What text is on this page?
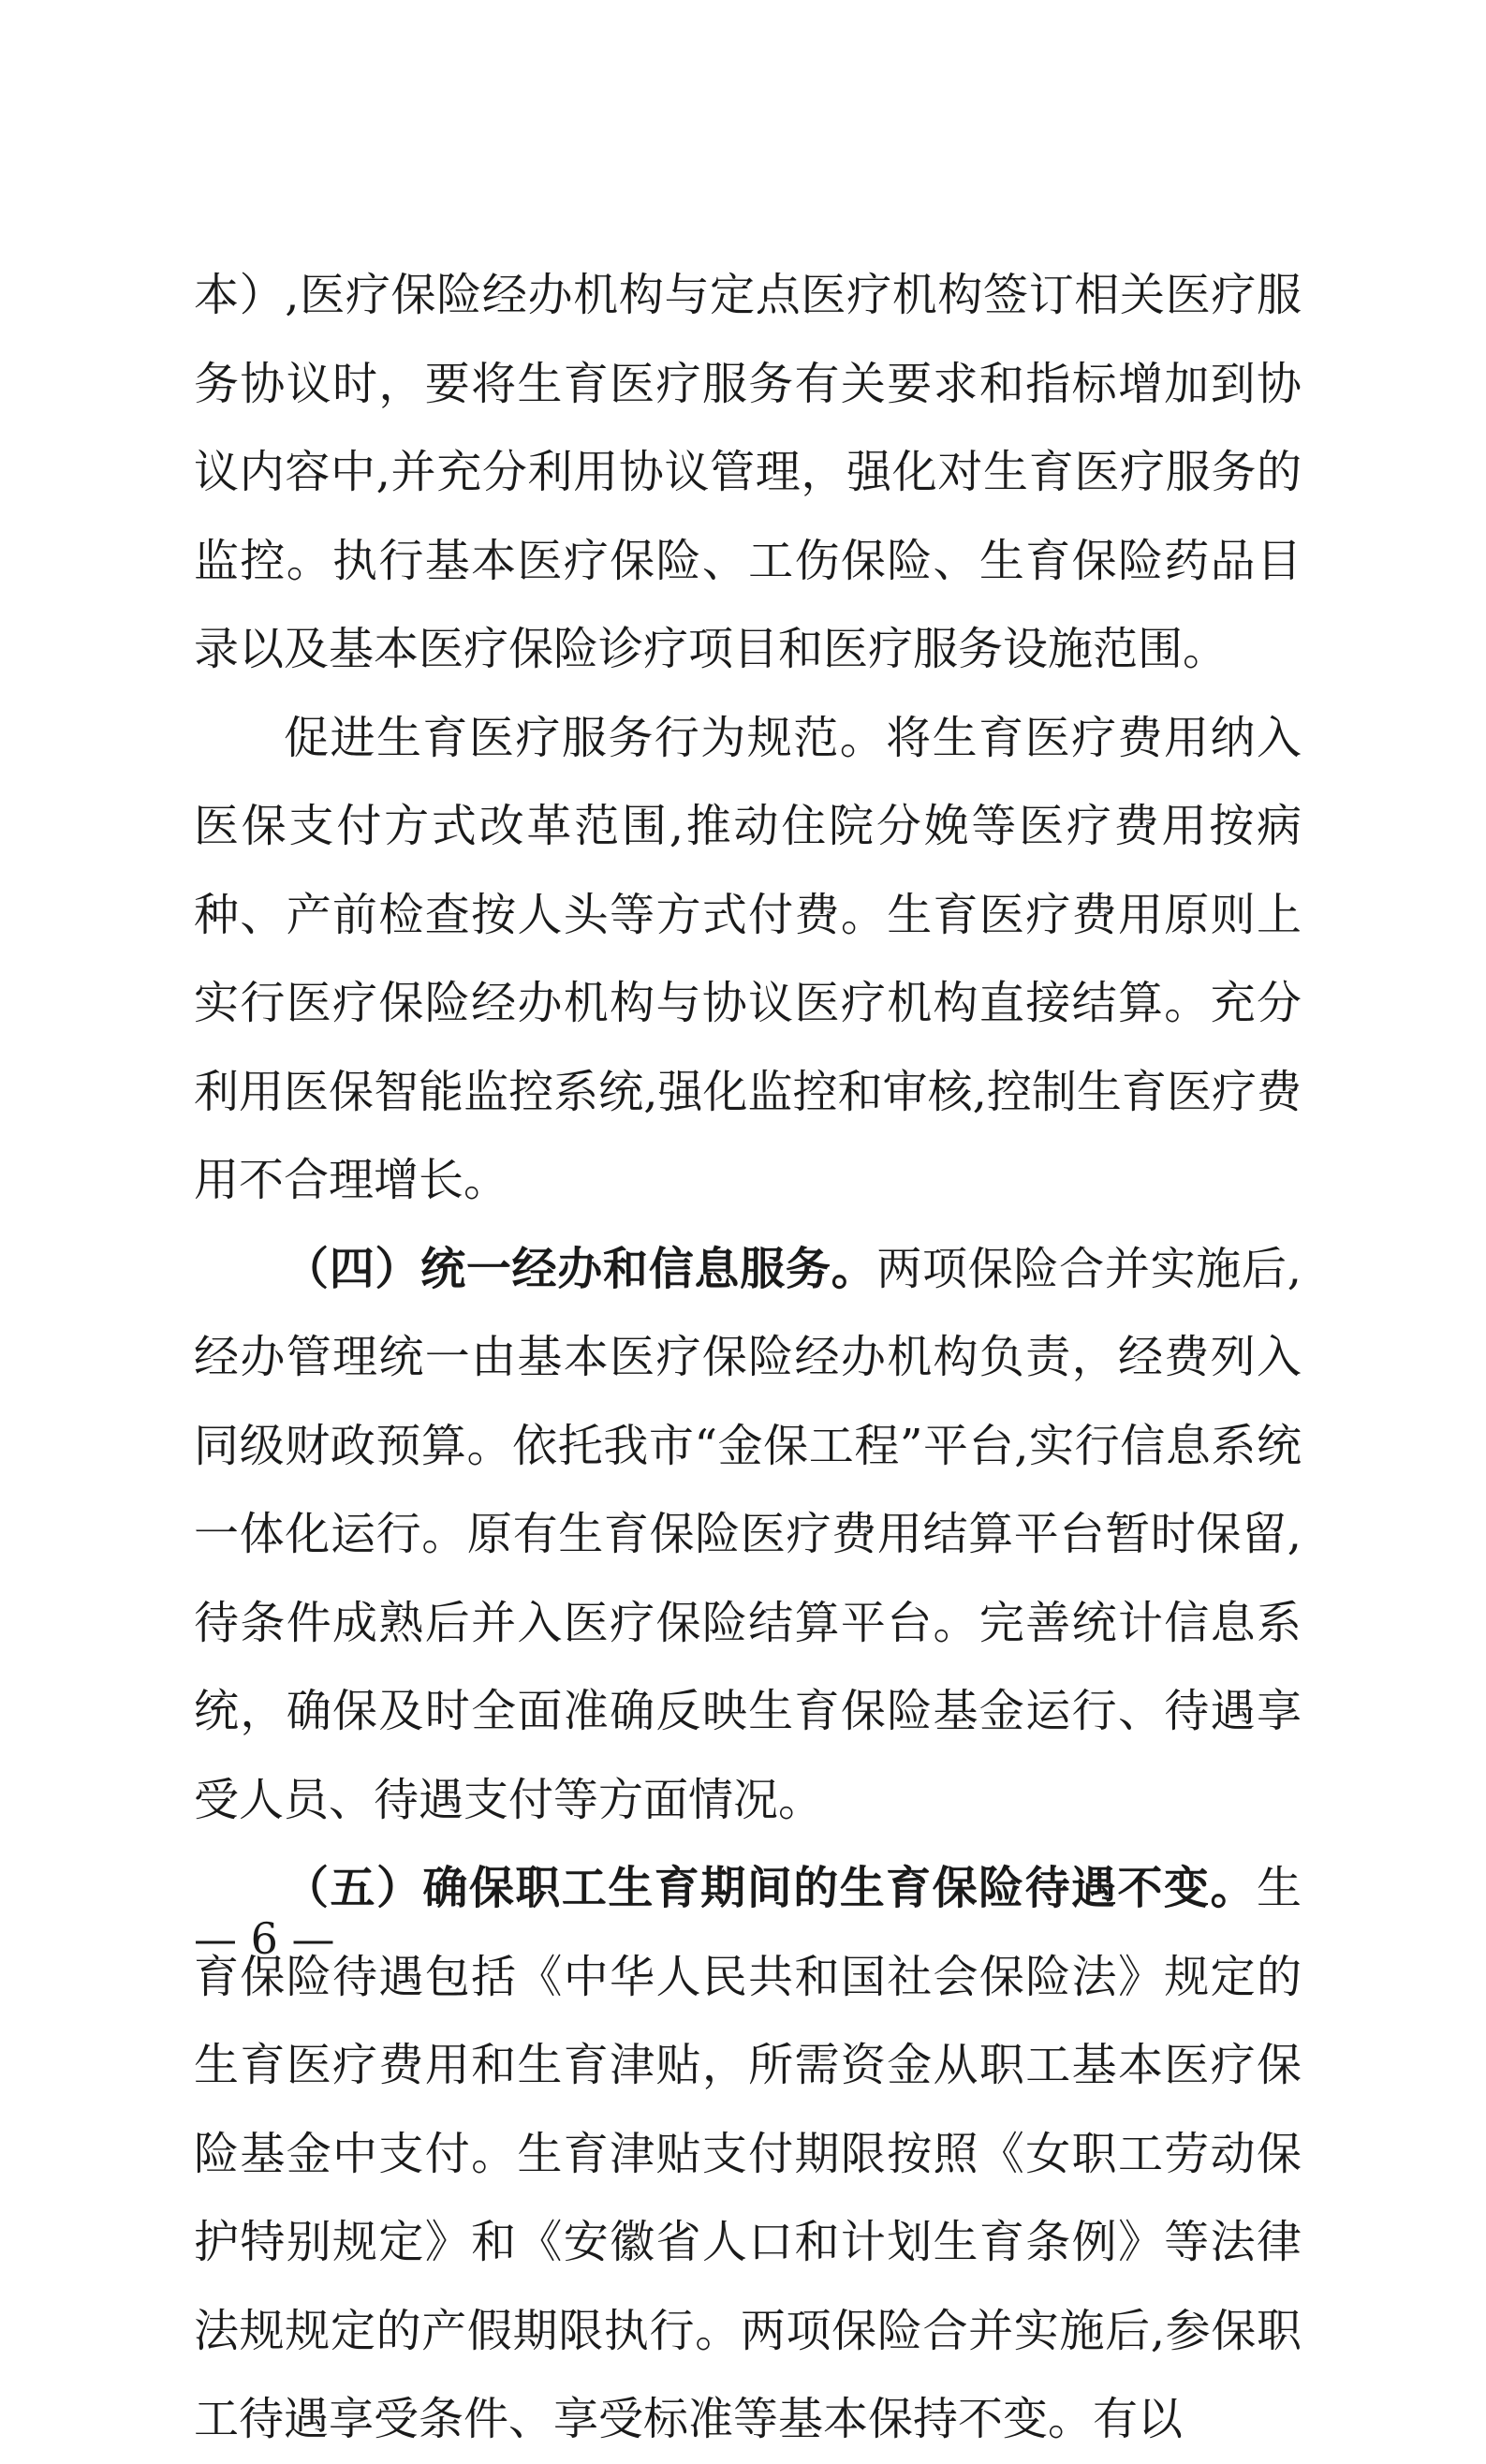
本）,医疗保险经办机构与定点医疗机构签订相关医疗服务协议时，要将生育医疗服务有关要求和指标增加到协议内容中,并充分利用协议管理，强化对生育医疗服务的监控。执行基本医疗保险、工伤保险、生育保险药品目录以及基本医疗保险诊疗项目和医疗服务设施范围。

促进生育医疗服务行为规范。将生育医疗费用纳入医保支付方式改革范围,推动住院分娩等医疗费用按病种、产前检查按人头等方式付费。生育医疗费用原则上实行医疗保险经办机构与协议医疗机构直接结算。充分利用医保智能监控系统,强化监控和审核,控制生育医疗费用不合理增长。

（四）统一经办和信息服务。两项保险合并实施后,经办管理统一由基本医疗保险经办机构负责，经费列入同级财政预算。依托我市“金保工程”平台,实行信息系统一体化运行。原有生育保险医疗费用结算平台暂时保留,待条件成熟后并入医疗保险结算平台。完善统计信息系统，确保及时全面准确反映生育保险基金运行、待遇享受人员、待遇支付等方面情况。

（五）确保职工生育期间的生育保险待遇不变。生育保险待遇包括《中华人民共和国社会保险法》规定的生育医疗费用和生育津贴，所需资金从职工基本医疗保险基金中支付。生育津贴支付期限按照《女职工劳动保护特别规定》和《安徽省人口和计划生育条例》等法律法规规定的产假期限执行。两项保险合并实施后,参保职工待遇享受条件、享受标准等基本保持不变。有以

— 6 —
